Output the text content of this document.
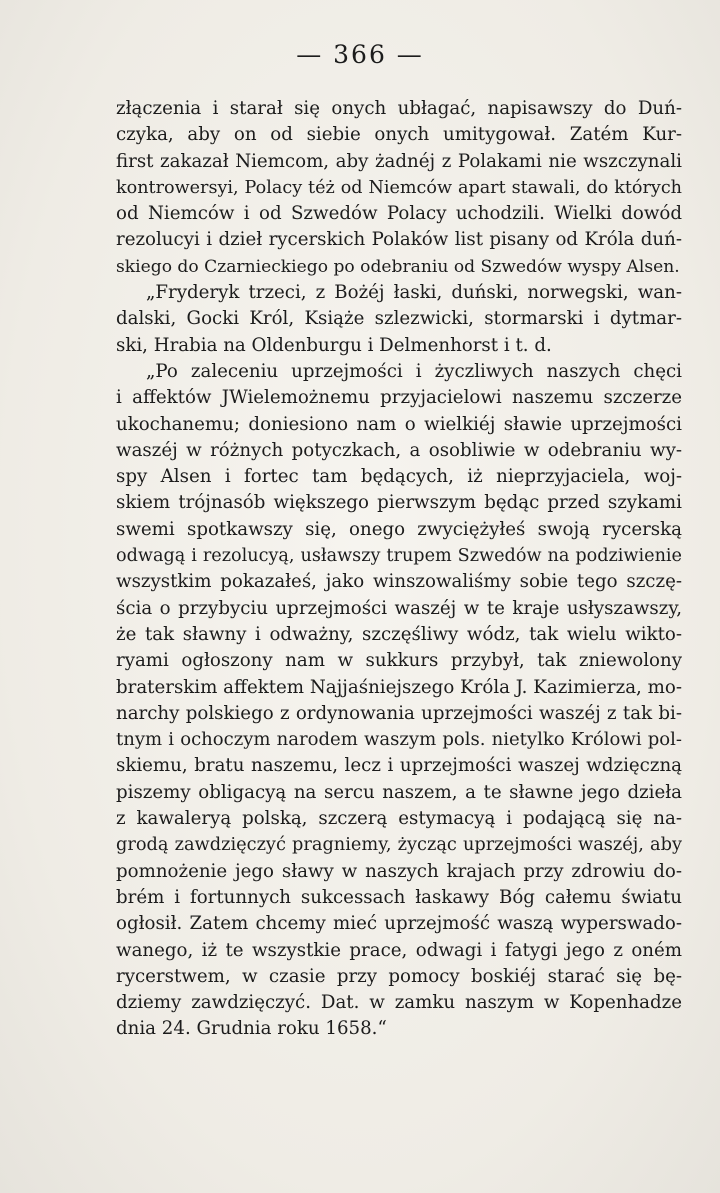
— 366 —
złączenia i starał się onych ubłagać, napisawszy do Duń-
czyka, aby on od siebie onych umitygował. Zatém Kur-
first zakazał Niemcom, aby żadnéj z Polakami nie wszczynali
kontrowersyi, Polacy téż od Niemców apart stawali, do których
od Niemców i od Szwedów Polacy uchodzili. Wielki dowód
rezolucyi i dzieł rycerskich Polaków list pisany od Króla duń-
skiego do Czarnieckiego po odebraniu od Szwedów wyspy Alsen.
„Fryderyk trzeci, z Bożéj łaski, duński, norwegski, wan-
dalski, Gocki Król, Książe szlezwicki, stormarski i dytmar-
ski, Hrabia na Oldenburgu i Delmenhorst i t. d.
„Po zaleceniu uprzejmości i życzliwych naszych chęci
i affektów JWielemożnemu przyjacielowi naszemu szczerze
ukochanemu; doniesiono nam o wielkiéj sławie uprzejmości
waszéj w różnych potyczkach, a osobliwie w odebraniu wy-
spy Alsen i fortec tam będących, iż nieprzyjaciela, woj-
skiem trójnasób większego pierwszym będąc przed szykami
swemi spotkawszy się, onego zwyciężyłeś swoją rycerską
odwagą i rezolucyą, usławszy trupem Szwedów na podziwienie
wszystkim pokazałeś, jako winszowaliśmy sobie tego szczę-
ścia o przybyciu uprzejmości waszéj w te kraje usłyszawszy,
że tak sławny i odważny, szczęśliwy wódz, tak wielu wikto-
ryami ogłoszony nam w sukkurs przybył, tak zniewolony
braterskim affektem Najjaśniejszego Króla J. Kazimierza, mo-
narchy polskiego z ordynowania uprzejmości waszéj z tak bi-
tnym i ochoczym narodem waszym pols. nietylko Królowi pol-
skiemu, bratu naszemu, lecz i uprzejmości waszej wdzięczną
piszemy obligacyą na sercu naszem, a te sławne jego dzieła
z kawaleryą polską, szczerą estymacyą i podającą się na-
grodą zawdzięczyć pragniemy, życząc uprzejmości waszéj, aby
pomnożenie jego sławy w naszych krajach przy zdrowiu do-
brém i fortunnych sukcessach łaskawy Bóg całemu światu
ogłosił. Zatem chcemy mieć uprzejmość waszą wyperswado-
wanego, iż te wszystkie prace, odwagi i fatygi jego z oném
rycerstwem, w czasie przy pomocy boskiéj starać się bę-
dziemy zawdzięczyć. Dat. w zamku naszym w Kopenhadze
dnia 24. Grudnia roku 1658.“
